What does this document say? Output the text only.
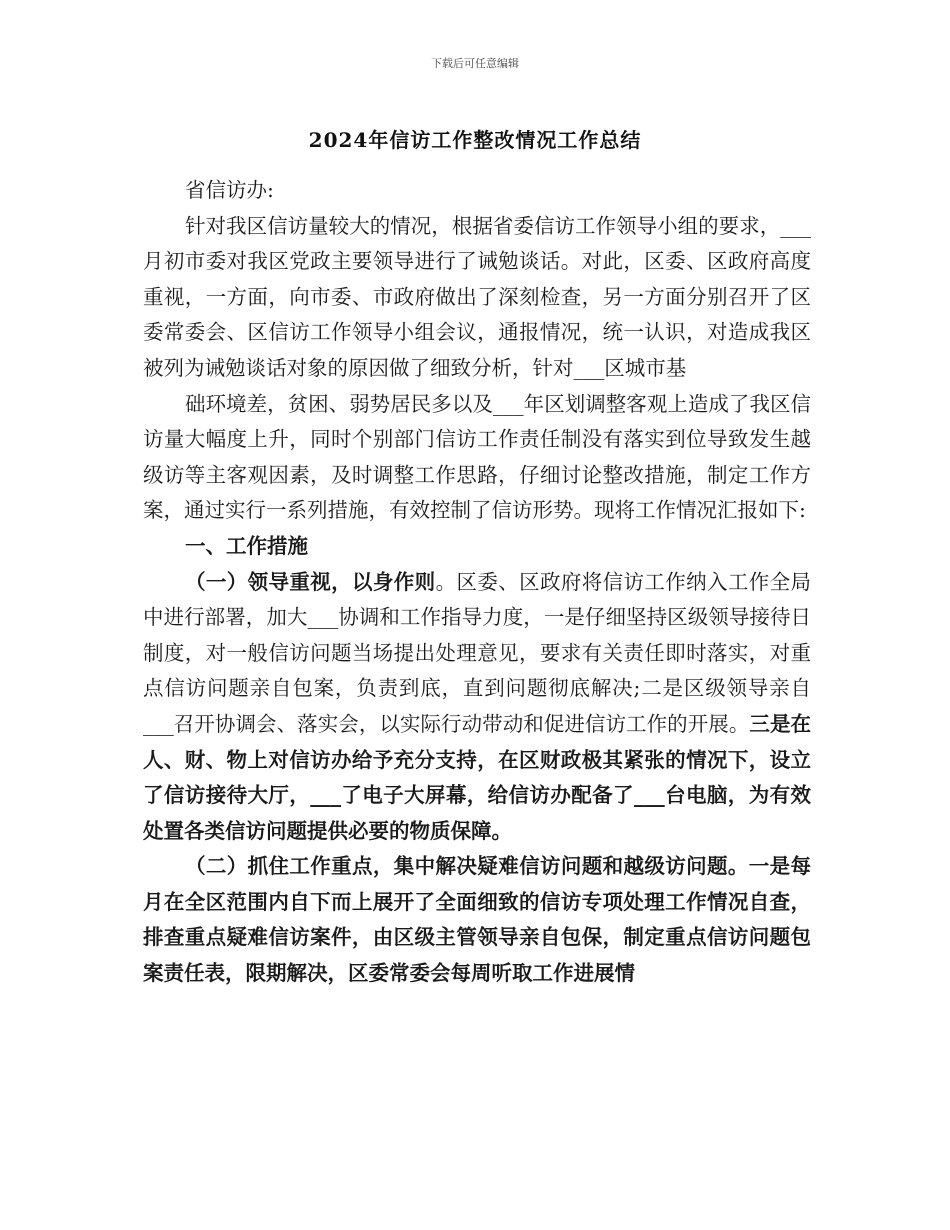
下载后可任意编辑
2024年信访工作整改情况工作总结

省信访办:

针对我区信访量较大的情况，根据省委信访工作领导小组的要求，___月初市委对我区党政主要领导进行了诫勉谈话。对此，区委、区政府高度重视，一方面，向市委、市政府做出了深刻检查，另一方面分别召开了区委常委会、区信访工作领导小组会议，通报情况，统一认识，对造成我区被列为诫勉谈话对象的原因做了细致分析，针对___区城市基

础环境差，贫困、弱势居民多以及___年区划调整客观上造成了我区信访量大幅度上升，同时个别部门信访工作责任制没有落实到位导致发生越级访等主客观因素，及时调整工作思路，仔细讨论整改措施，制定工作方案，通过实行一系列措施，有效控制了信访形势。现将工作情况汇报如下:

一、工作措施

（一）领导重视，以身作则。区委、区政府将信访工作纳入工作全局中进行部署，加大___协调和工作指导力度，一是仔细坚持区级领导接待日制度，对一般信访问题当场提出处理意见，要求有关责任即时落实，对重点信访问题亲自包案，负责到底，直到问题彻底解决;二是区级领导亲自___召开协调会、落实会，以实际行动带动和促进信访工作的开展。三是在人、财、物上对信访办给予充分支持，在区财政极其紧张的情况下，设立了信访接待大厅，___了电子大屏幕，给信访办配备了___台电脑，为有效处置各类信访问题提供必要的物质保障。

（二）抓住工作重点，集中解决疑难信访问题和越级访问题。一是每月在全区范围内自下而上展开了全面细致的信访专项处理工作情况自查，排查重点疑难信访案件，由区级主管领导亲自包保，制定重点信访问题包案责任表，限期解决，区委常委会每周听取工作进展情
